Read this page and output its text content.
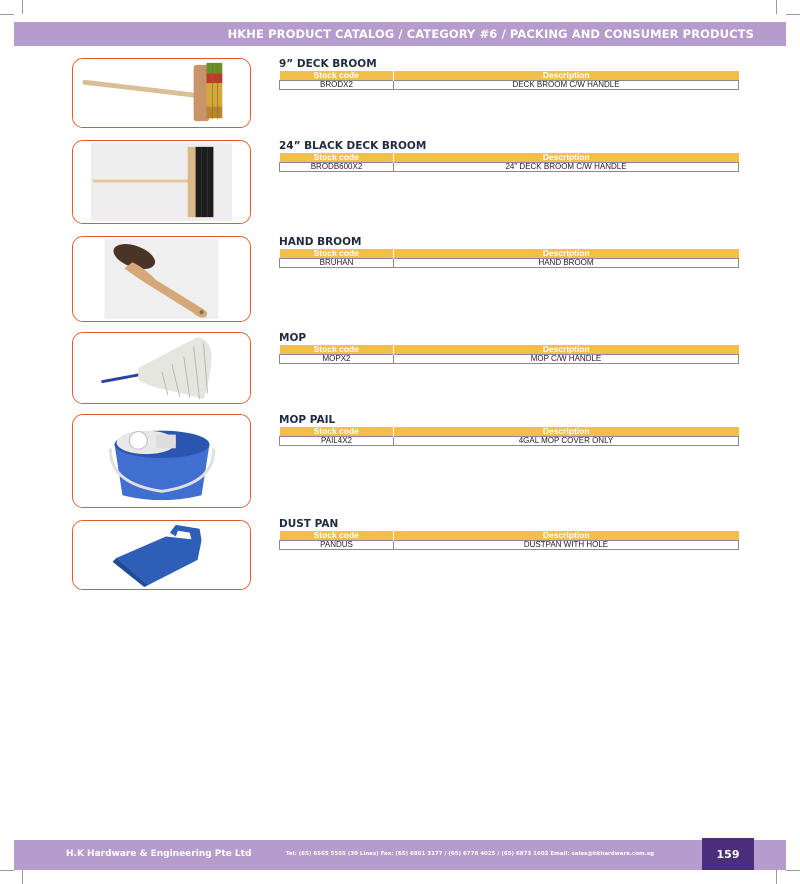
HKHE PRODUCT CATALOG / CATEGORY #6 / PACKING AND CONSUMER PRODUCTS
9” DECK BROOM
Stock code	Description
BRODX2	DECK BROOM C/W HANDLE
24” BLACK DECK BROOM
Stock code	Description
BRODB600X2	24" DECK BROOM C/W HANDLE
HAND BROOM
Stock code	Description
BRUHAN	HAND BROOM
MOP
Stock code	Description
MOPX2	MOP C/W HANDLE
MOP PAIL
Stock code	Description
PAIL4X2	4GAL MOP COVER ONLY
DUST PAN
Stock code	Description
PANDUS	DUSTPAN WITH HOLE
H.K Hardware & Engineering Pte Ltd	Tel: (65) 6565 5555 (30 Lines) Fax: (65) 6861 3177 / (65) 6778 4025 / (65) 6873 1602 Email: sales@hkhardware.com.sg	159
